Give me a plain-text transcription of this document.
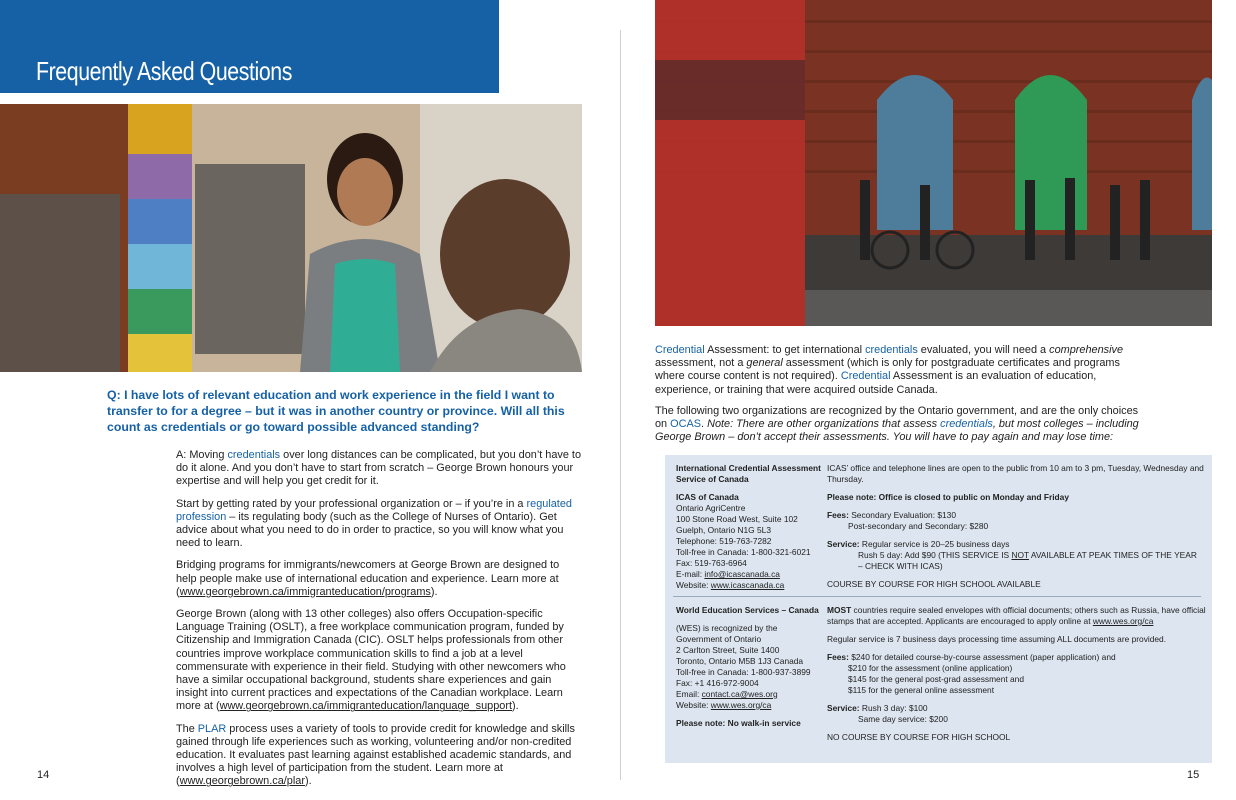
Frequently Asked Questions
Q: I have lots of relevant education and work experience in the field I want to transfer to for a degree – but it was in another country or province. Will all this count as credentials or go toward possible advanced standing?

A: Moving credentials over long distances can be complicated, but you don’t have to do it alone. And you don’t have to start from scratch – George Brown honours your expertise and will help you get credit for it.

Start by getting rated by your professional organization or – if you’re in a regulated profession – its regulating body (such as the College of Nurses of Ontario). Get advice about what you need to do in order to practice, so you will know what you need to learn.

Bridging programs for immigrants/newcomers at George Brown are designed to help people make use of international education and experience. Learn more at (www.georgebrown.ca/immigranteducation/programs).

George Brown (along with 13 other colleges) also offers Occupation-specific Language Training (OSLT), a free workplace communication program, funded by Citizenship and Immigration Canada (CIC). OSLT helps professionals from other countries improve workplace communication skills to find a job at a level commensurate with experience in their field. Studying with other newcomers who have a similar occupational background, students share experiences and gain insight into current practices and expectations of the Canadian workplace. Learn more at (www.georgebrown.ca/immigranteducation/language_support).

The PLAR process uses a variety of tools to provide credit for knowledge and skills gained through life experiences such as working, volunteering and/or non-credited education. It evaluates past learning against established academic standards, and involves a high level of participation from the student. Learn more at (www.georgebrown.ca/plar).

Credential Assessment: to get international credentials evaluated, you will need a comprehensive assessment, not a general assessment (which is only for postgraduate certificates and programs where course content is not required). Credential Assessment is an evaluation of education, experience, or training that were acquired outside Canada.

The following two organizations are recognized by the Ontario government, and are the only choices on OCAS. Note: There are other organizations that assess credentials, but most colleges – including George Brown – don’t accept their assessments. You will have to pay again and may lose time:

International Credential Assessment Service of Canada

ICAS of Canada
Ontario AgriCentre
100 Stone Road West, Suite 102
Guelph, Ontario N1G 5L3
Telephone: 519-763-7282
Toll-free in Canada: 1-800-321-6021
Fax: 519-763-6964
E-mail: info@icascanada.ca
Website: www.icascanada.ca

ICAS’ office and telephone lines are open to the public from 10 am to 3 pm, Tuesday, Wednesday and Thursday.

Please note: Office is closed to public on Monday and Friday

Fees: Secondary Evaluation: $130

Post-secondary and Secondary: $280

Service: Regular service is 20–25 business days
Rush 5 day: Add $90 (THIS SERVICE IS NOT AVAILABLE AT PEAK TIMES OF THE YEAR

– CHECK WITH ICAS)

COURSE BY COURSE FOR HIGH SCHOOL AVAILABLE

World Education Services – Canada

(WES) is recognized by the
Government of Ontario
2 Carlton Street, Suite 1400
Toronto, Ontario M5B 1J3 Canada
Toll-free in Canada: 1-800-937-3899
Fax: +1 416-972-9004
Email: contact.ca@wes.org

Website: www.wes.org/ca

Please note: No walk-in service

MOST countries require sealed envelopes with official documents; others such as Russia, have official stamps that are accepted. Applicants are encouraged to apply online at www.wes.org/ca

Regular service is 7 business days processing time assuming ALL documents are provided.

Fees: $240 for detailed course-by-course assessment (paper application) and
$210 for the assessment (online application)
$145 for the general post-grad assessment and

$115 for the general online assessment

Service: Rush 3 day: $100

Same day service: $200

NO COURSE BY COURSE FOR HIGH SCHOOL
14	15
